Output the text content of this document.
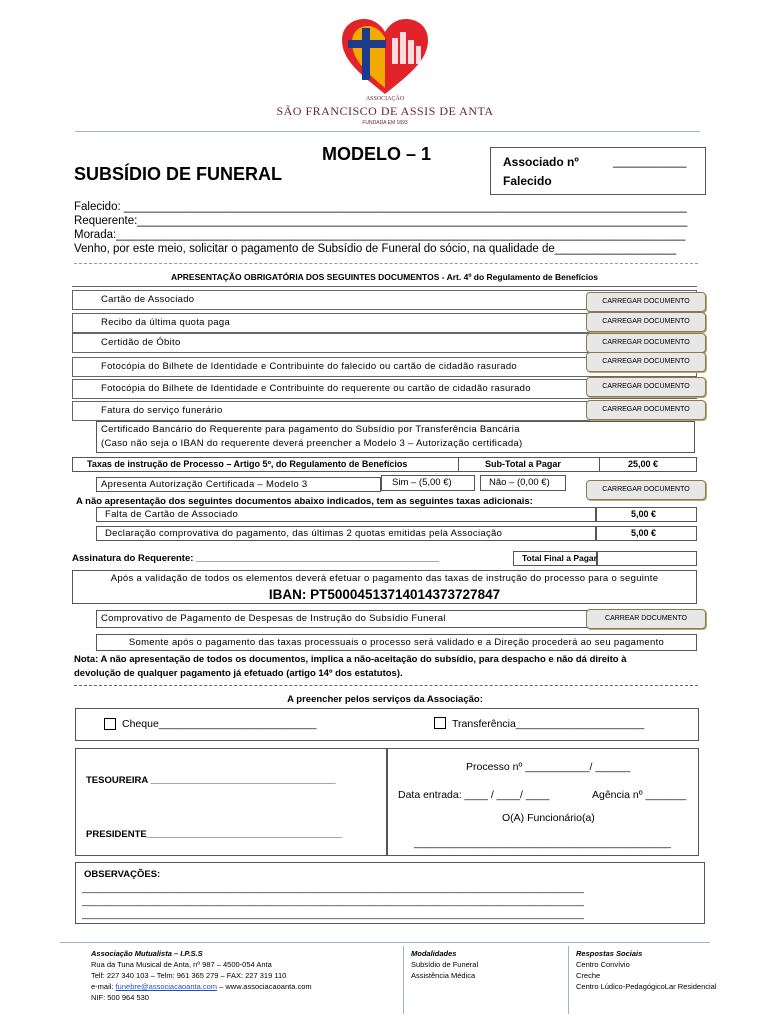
ASSOCIAÇÃO
SÃO FRANCISCO DE ASSIS DE ANTA
FUNDADA EM 1893
MODELO – 1
SUBSÍDIO DE FUNERAL
Associado nº	___________
Falecido
Falecido: ________________________________________________________________________________________
Requerente:______________________________________________________________________________________
Morada:_________________________________________________________________________________________
Venho, por este meio, solicitar o pagamento de Subsídio de Funeral do sócio, na qualidade de___________________
APRESENTAÇÃO OBRIGATÓRIA DOS SEGUINTES DOCUMENTOS - Art. 4º do Regulamento de Benefícios
Cartão de Associado	CARREGAR DOCUMENTO
Recibo da última quota paga	CARREGAR DOCUMENTO
Certidão de Óbito	CARREGAR DOCUMENTO
Fotocópia do Bilhete de Identidade e Contribuinte do falecido ou cartão de cidadão rasurado	CARREGAR DOCUMENTO
Fotocópia do Bilhete de Identidade e Contribuinte do requerente ou cartão de cidadão rasurado	CARREGAR DOCUMENTO
Fatura do serviço funerário	CARREGAR DOCUMENTO
Certificado Bancário do Requerente para pagamento do Subsídio por Transferência Bancária
(Caso não seja o IBAN do requerente deverá preencher a Modelo 3 – Autorização certificada)
Taxas de instrução de Processo – Artigo 5º, do Regulamento de Benefícios	Sub-Total a Pagar	25,00 €
Apresenta Autorização Certificada – Modelo 3	Sim – (5,00 €)	Não – (0,00 €)
CARREGAR DOCUMENTO
A não apresentação dos seguintes documentos abaixo indicados, tem as seguintes taxas adicionais:
Falta de Cartão de Associado	5,00 €
Declaração comprovativa do pagamento, das últimas 2 quotas emitidas pela Associação	5,00 €
Assinatura do Requerente: ______________________________________________	Total Final a Pagar
Após a validação de todos os elementos deverá efetuar o pagamento das taxas de instrução do processo para o seguinte
IBAN: PT50004513714014373727847
Comprovativo de Pagamento de Despesas de Instrução do Subsídio Funeral	CARREAR DOCUMENTO
Somente após o pagamento das taxas processuais o processo será validado e a Direção procederá ao seu pagamento
Nota: A não apresentação de todos os documentos, implica a não-aceitação do subsídio, para despacho e não dá direito à
devolução de qualquer pagamento já efetuado (artigo 14º dos estatutos).
A preencher pelos serviços da Associação:
Cheque___________________________	Transferência______________________
TESOUREIRA ___________________________________
PRESIDENTE_____________________________________
Processo nº ___________/ ______
Data entrada: ____ / ____/ ____	Agência nº _______
O(A) Funcionário(a)
____________________________________________
OBSERVAÇÕES:
_______________________________________________________________________________________________
_______________________________________________________________________________________________
_______________________________________________________________________________________________
Associação Mutualista – I.P.S.S
Rua da Tuna Musical de Anta, nº 987 – 4500-054 Anta
Telf: 227 340 103 – Telm: 961 365 279 – FAX: 227 319 110
e-mail: funebre@associacaoanta.com – www.associacaoanta.com
NIF: 500 964 530
Modalidades
Subsídio de Funeral
Assistência Médica
Respostas Sociais
Centro Convívio
Creche
Centro Lúdico-PedagógicoLar Residencial
